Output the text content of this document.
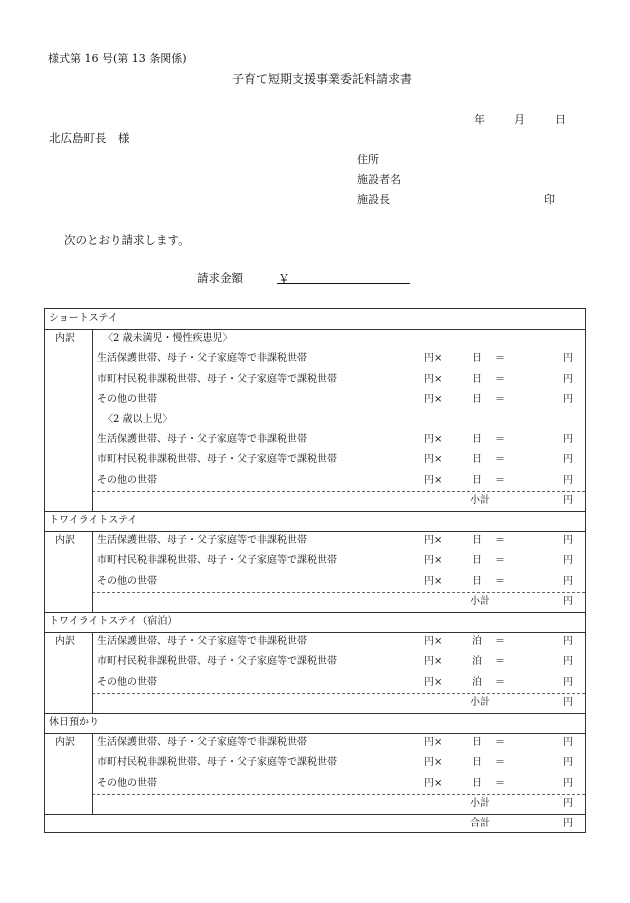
様式第 16 号(第 13 条関係)
子育て短期支援事業委託料請求書
年	月	日
北広島町長　様
住所
施設者名
施設長	印
次のとおり請求します。
請求金額	￥
ショートステイ
内訳	〈2 歳未満児・慢性疾患児〉
生活保護世帯、母子・父子家庭等で非課税世帯	円×	日 ＝	円
市町村民税非課税世帯、母子・父子家庭等で課税世帯	円×	日 ＝	円
その他の世帯	円×	日 ＝	円
〈2 歳以上児〉
生活保護世帯、母子・父子家庭等で非課税世帯	円×	日 ＝	円
市町村民税非課税世帯、母子・父子家庭等で課税世帯	円×	日 ＝	円
その他の世帯	円×	日 ＝	円
小計	円
トワイライトステイ
内訳 生活保護世帯、母子・父子家庭等で非課税世帯	円×	日 ＝	円
市町村民税非課税世帯、母子・父子家庭等で課税世帯	円×	日 ＝	円
その他の世帯	円×	日 ＝	円
小計	円
トワイライトステイ（宿泊）
内訳 生活保護世帯、母子・父子家庭等で非課税世帯	円×	泊 ＝	円
市町村民税非課税世帯、母子・父子家庭等で課税世帯	円×	泊 ＝	円
その他の世帯	円×	泊 ＝	円
小計	円
休日預かり
内訳 生活保護世帯、母子・父子家庭等で非課税世帯	円×	日 ＝	円
市町村民税非課税世帯、母子・父子家庭等で課税世帯	円×	日 ＝	円
その他の世帯	円×	日 ＝	円
小計	円
合計	円
